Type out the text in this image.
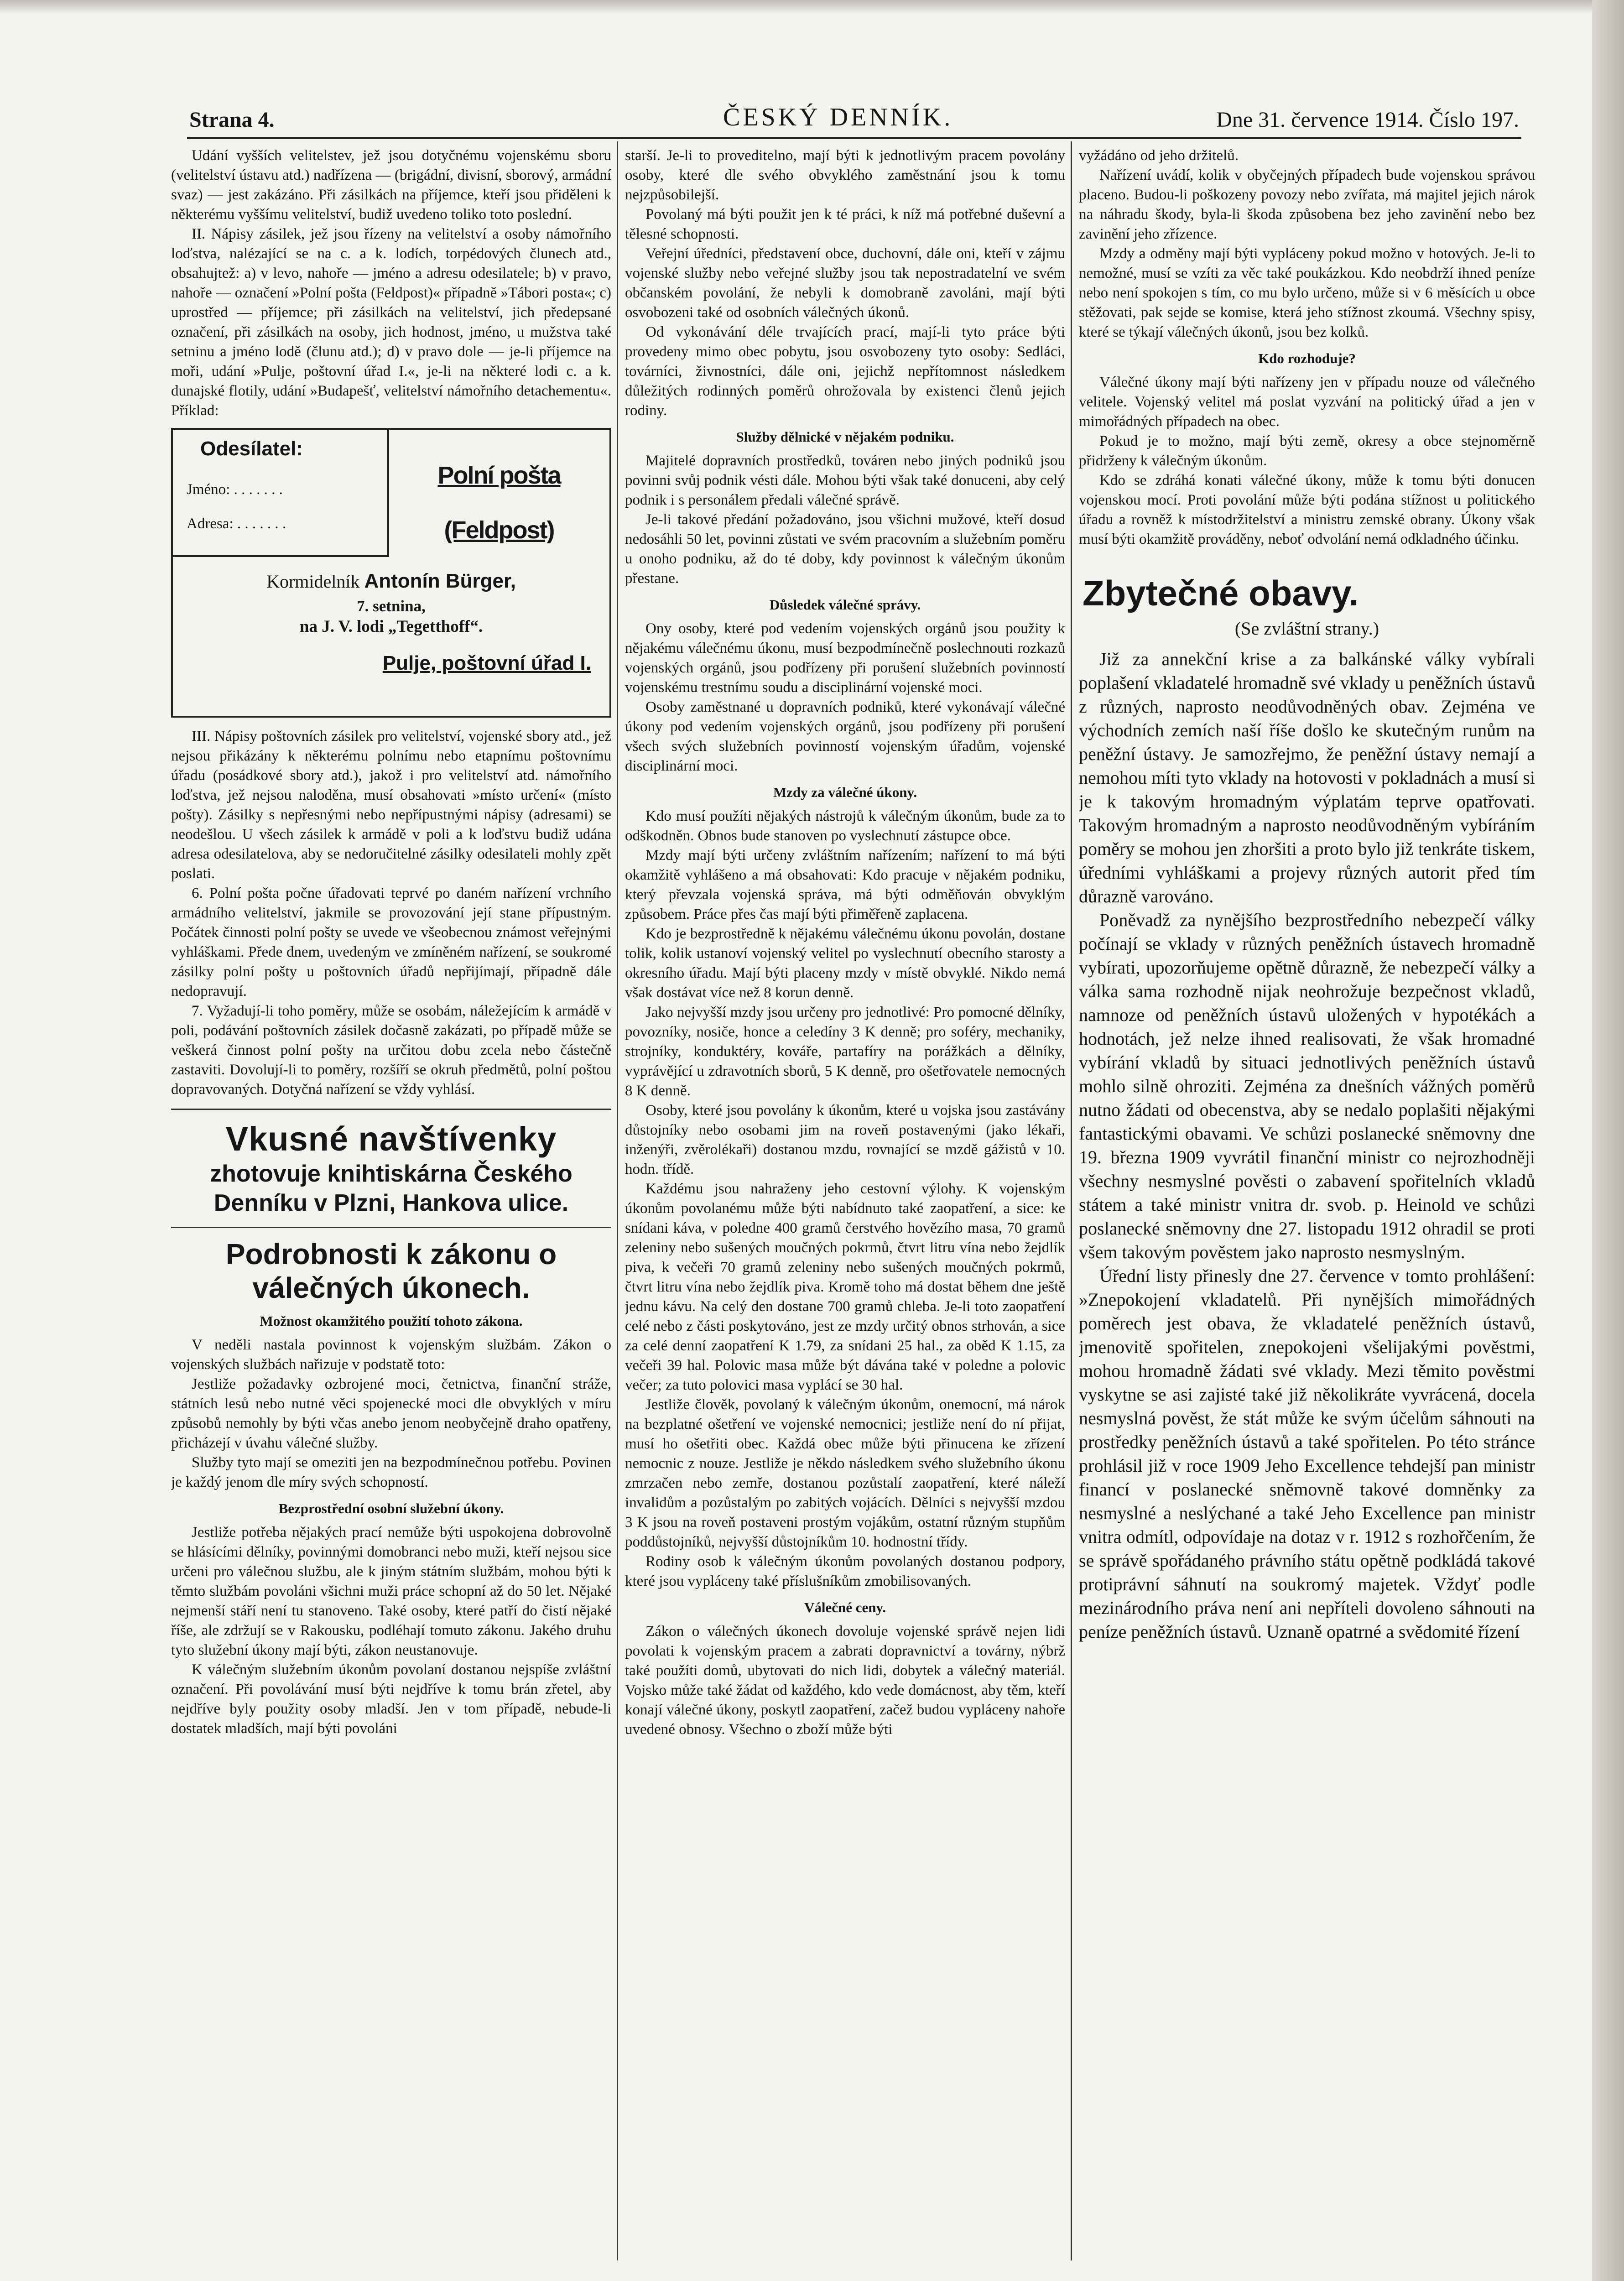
Strana 4.	ČESKÝ DENNÍK.	Dne 31. července 1914. Číslo 197.

Udání vyšších velitelstev, jež jsou dotyčnému vojenskému sboru (velitelství ústavu atd.) nadřízena — (brigádní, divisní, sborový, armádní svaz) — jest zakázáno. Při zásilkách na příjemce, kteří jsou přiděleni k některému vyššímu velitelství, budiž uvedeno toliko toto poslední.

II. Nápisy zásilek, jež jsou řízeny na velitelství a osoby námořního loďstva, nalézající se na c. a k. lodích, torpédových člunech atd., obsahujtež: a) v levo, nahoře — jméno a adresu odesilatele; b) v pravo, nahoře — označení »Polní pošta (Feldpost)« případně »Tábori posta«; c) uprostřed — příjemce; při zásilkách na velitelství, jich předepsané označení, při zásilkách na osoby, jich hodnost, jméno, u mužstva také setninu a jméno lodě (člunu atd.); d) v pravo dole — je-li příjemce na moři, udání »Pulje, poštovní úřad I.«, je-li na některé lodi c. a k. dunajské flotily, udání »Budapešť, velitelství námořního detachementu«. Příklad:

Odesílatel:
Jméno: . . . . . . .
Adresa: . . . . . . .
Polní pošta (Feldpost)
Kormidelník Antonín Bürger,
7. setnina,
na J. V. lodi „Tegetthoff“.
Pulje, poštovní úřad I.

III. Nápisy poštovních zásilek pro velitelství, vojenské sbory atd., jež nejsou přikázány k některému polnímu nebo etapnímu poštovnímu úřadu (posádkové sbory atd.), jakož i pro velitelství atd. námořního loďstva, jež nejsou naloděna, musí obsahovati »místo určení« (místo pošty). Zásilky s nepřesnými nebo nepřípustnými nápisy (adresami) se neodešlou. U všech zásilek k armádě v poli a k loďstvu budiž udána adresa odesilatelova, aby se nedoručitelné zásilky odesilateli mohly zpět poslati.

6. Polní pošta počne úřadovati teprvé po daném nařízení vrchního armádního velitelství, jakmile se provozování její stane přípustným. Počátek činnosti polní pošty se uvede ve všeobecnou známost veřejnými vyhláškami. Přede dnem, uvedeným ve zmíněném nařízení, se soukromé zásilky polní pošty u poštovních úřadů nepřijímají, případně dále nedopravují.

7. Vyžadují-li toho poměry, může se osobám, náležejícím k armádě v poli, podávání poštovních zásilek dočasně zakázati, po případě může se veškerá činnost polní pošty na určitou dobu zcela nebo částečně zastaviti. Dovolují-li to poměry, rozšíří se okruh předmětů, polní poštou dopravovaných. Dotyčná nařízení se vždy vyhlásí.

Vkusné navštívenky
zhotovuje knihtiskárna Českého Denníku v Plzni, Hankova ulice.
Podrobnosti k zákonu o válečných úkonech.
Možnost okamžitého použití tohoto zákona.

V neděli nastala povinnost k vojenským službám. Zákon o vojenských službách nařizuje v podstatě toto:

Jestliže požadavky ozbrojené moci, četnictva, finanční stráže, státních lesů nebo nutné věci spojenecké moci dle obvyklých v míru způsobů nemohly by býti včas anebo jenom neobyčejně draho opatřeny, přicházejí v úvahu válečné služby.

Služby tyto mají se omeziti jen na bezpodmínečnou potřebu. Povinen je každý jenom dle míry svých schopností.

Bezprostřední osobní služební úkony.

Jestliže potřeba nějakých prací nemůže býti uspokojena dobrovolně se hlásícími dělníky, povinnými domobranci nebo muži, kteří nejsou sice určeni pro válečnou službu, ale k jiným státním službám, mohou býti k těmto službám povoláni všichni muži práce schopní až do 50 let. Nějaké nejmenší stáří není tu stanoveno. Také osoby, které patří do čistí nějaké říše, ale zdržují se v Rakousku, podléhají tomuto zákonu. Jakého druhu tyto služební úkony mají býti, zákon neustanovuje.

K válečným služebním úkonům povolaní dostanou nejspíše zvláštní označení. Při povolávání musí býti nejdříve k tomu brán zřetel, aby nejdříve byly použity osoby mladší. Jen v tom případě, nebude-li dostatek mladších, mají býti povoláni

starší. Je-li to proveditelno, mají býti k jednotlivým pracem povolány osoby, které dle svého obvyklého zaměstnání jsou k tomu nejzpůsobilejší.

Povolaný má býti použit jen k té práci, k níž má potřebné duševní a tělesné schopnosti.

Veřejní úředníci, představení obce, duchovní, dále oni, kteří v zájmu vojenské služby nebo veřejné služby jsou tak nepostradatelní ve svém občanském povolání, že nebyli k domobraně zavoláni, mají býti osvobozeni také od osobních válečných úkonů.

Od vykonávání déle trvajících prací, mají-li tyto práce býti provedeny mimo obec pobytu, jsou osvobozeny tyto osoby: Sedláci, továrníci, živnostníci, dále oni, jejichž nepřítomnost následkem důležitých rodinných poměrů ohrožovala by existenci členů jejich rodiny.

Služby dělnické v nějakém podniku.

Majitelé dopravních prostředků, továren nebo jiných podniků jsou povinni svůj podnik vésti dále. Mohou býti však také donuceni, aby celý podnik i s personálem předali válečné správě.

Je-li takové předání požadováno, jsou všichni mužové, kteří dosud nedosáhli 50 let, povinni zůstati ve svém pracovním a služebním poměru u onoho podniku, až do té doby, kdy povinnost k válečným úkonům přestane.

Důsledek válečné správy.

Ony osoby, které pod vedením vojenských orgánů jsou použity k nějakému válečnému úkonu, musí bezpodmínečně poslechnouti rozkazů vojenských orgánů, jsou podřízeny při porušení služebních povinností vojenskému trestnímu soudu a disciplinární vojenské moci.

Osoby zaměstnané u dopravních podniků, které vykonávají válečné úkony pod vedením vojenských orgánů, jsou podřízeny při porušení všech svých služebních povinností vojenským úřadům, vojenské disciplinární moci.

Mzdy za válečné úkony.

Kdo musí použíti nějakých nástrojů k válečným úkonům, bude za to odškodněn. Obnos bude stanoven po vyslechnutí zástupce obce.

Mzdy mají býti určeny zvláštním nařízením; nařízení to má býti okamžitě vyhlášeno a má obsahovati: Kdo pracuje v nějakém podniku, který převzala vojenská správa, má býti odměňován obvyklým způsobem. Práce přes čas mají býti přiměřeně zaplacena.

Kdo je bezprostředně k nějakému válečnému úkonu povolán, dostane tolik, kolik ustanoví vojenský velitel po vyslechnutí obecního starosty a okresního úřadu. Mají býti placeny mzdy v místě obvyklé. Nikdo nemá však dostávat více než 8 korun denně.

Jako nejvyšší mzdy jsou určeny pro jednotlivé: Pro pomocné dělníky, povozníky, nosiče, honce a celedíny 3 K denně; pro soféry, mechaniky, strojníky, konduktéry, kováře, partafíry na porážkách a dělníky, vyprávějící u zdravotních sborů, 5 K denně, pro ošetřovatele nemocných 8 K denně.

Osoby, které jsou povolány k úkonům, které u vojska jsou zastávány důstojníky nebo osobami jim na roveň postavenými (jako lékaři, inženýři, zvěrolékaři) dostanou mzdu, rovnající se mzdě gážistů v 10. hodn. třídě.

Každému jsou nahraženy jeho cestovní výlohy. K vojenským úkonům povolanému může býti nabídnuto také zaopatření, a sice: ke snídani káva, v poledne 400 gramů čerstvého hovězího masa, 70 gramů zeleniny nebo sušených moučných pokrmů, čtvrt litru vína nebo žejdlík piva, k večeři 70 gramů zeleniny nebo sušených moučných pokrmů, čtvrt litru vína nebo žejdlík piva. Kromě toho má dostat během dne ještě jednu kávu. Na celý den dostane 700 gramů chleba. Je-li toto zaopatření celé nebo z části poskytováno, jest ze mzdy určitý obnos strhován, a sice za celé denní zaopatření K 1.79, za snídani 25 hal., za oběd K 1.15, za večeři 39 hal. Polovic masa může být dávána také v poledne a polovic večer; za tuto polovici masa vyplácí se 30 hal.

Jestliže člověk, povolaný k válečným úkonům, onemocní, má nárok na bezplatné ošetření ve vojenské nemocnici; jestliže není do ní přijat, musí ho ošetřiti obec. Každá obec může býti přinucena ke zřízení nemocnic z nouze. Jestliže je někdo následkem svého služebního úkonu zmrzačen nebo zemře, dostanou pozůstalí zaopatření, které náleží invalidům a pozůstalým po zabitých vojácích. Dělníci s nejvyšší mzdou 3 K jsou na roveň postaveni prostým vojákům, ostatní různým stupňům poddůstojníků, nejvyšší důstojníkům 10. hodnostní třídy.

Rodiny osob k válečným úkonům povolaných dostanou podpory, které jsou vypláceny také příslušníkům zmobilisovaných.

Válečné ceny.

Zákon o válečných úkonech dovoluje vojenské správě nejen lidi povolati k vojenským pracem a zabrati dopravnictví a továrny, nýbrž také použíti domů, ubytovati do nich lidi, dobytek a válečný materiál. Vojsko může také žádat od každého, kdo vede domácnost, aby těm, kteří konají válečné úkony, poskytl zaopatření, začež budou vypláceny nahoře uvedené obnosy. Všechno o zboží může býti

vyžádáno od jeho držitelů.

Nařízení uvádí, kolik v obyčejných případech bude vojenskou správou placeno. Budou-li poškozeny povozy nebo zvířata, má majitel jejich nárok na náhradu škody, byla-li škoda způsobena bez jeho zavinění nebo bez zavinění jeho zřízence.

Mzdy a odměny mají býti vypláceny pokud možno v hotových. Je-li to nemožné, musí se vzíti za věc také poukázkou. Kdo neobdrží ihned peníze nebo není spokojen s tím, co mu bylo určeno, může si v 6 měsících u obce stěžovati, pak sejde se komise, která jeho stížnost zkoumá. Všechny spisy, které se týkají válečných úkonů, jsou bez kolků.

Kdo rozhoduje?

Válečné úkony mají býti nařízeny jen v případu nouze od válečného velitele. Vojenský velitel má poslat vyzvání na politický úřad a jen v mimořádných případech na obec.

Pokud je to možno, mají býti země, okresy a obce stejnoměrně přidrženy k válečným úkonům.

Kdo se zdráhá konati válečné úkony, může k tomu býti donucen vojenskou mocí. Proti povolání může býti podána stížnost u politického úřadu a rovněž k místodržitelství a ministru zemské obrany. Úkony však musí býti okamžitě prováděny, neboť odvolání nemá odkladného účinku.

Zbytečné obavy.
(Se zvláštní strany.)

Již za annekční krise a za balkánské války vybírali poplašení vkladatelé hromadně své vklady u peněžních ústavů z různých, naprosto neodůvodněných obav. Zejména ve východních zemích naší říše došlo ke skutečným runům na peněžní ústavy. Je samozřejmo, že peněžní ústavy nemají a nemohou míti tyto vklady na hotovosti v pokladnách a musí si je k takovým hromadným výplatám teprve opatřovati. Takovým hromadným a naprosto neodůvodněným vybíráním poměry se mohou jen zhoršiti a proto bylo již tenkráte tiskem, úředními vyhláškami a projevy různých autorit před tím důrazně varováno.

Poněvadž za nynějšího bezprostředního nebezpečí války počínají se vklady v různých peněžních ústavech hromadně vybírati, upozorňujeme opětně důrazně, že nebezpečí války a válka sama rozhodně nijak neohrožuje bezpečnost vkladů, namnoze od peněžních ústavů uložených v hypotékách a hodnotách, jež nelze ihned realisovati, že však hromadné vybírání vkladů by situaci jednotlivých peněžních ústavů mohlo silně ohroziti. Zejména za dnešních vážných poměrů nutno žádati od obecenstva, aby se nedalo poplašiti nějakými fantastickými obavami. Ve schůzi poslanecké sněmovny dne 19. března 1909 vyvrátil finanční ministr co nejrozhodněji všechny nesmyslné pověsti o zabavení spořitelních vkladů státem a také ministr vnitra dr. svob. p. Heinold ve schůzi poslanecké sněmovny dne 27. listopadu 1912 ohradil se proti všem takovým pověstem jako naprosto nesmyslným.

Úřední listy přinesly dne 27. července v tomto prohlášení: »Znepokojení vkladatelů. Při nynějších mimořádných poměrech jest obava, že vkladatelé peněžních ústavů, jmenovitě spořitelen, znepokojeni všelijakými pověstmi, mohou hromadně žádati své vklady. Mezi těmito pověstmi vyskytne se asi zajisté také již několikráte vyvrácená, docela nesmyslná pověst, že stát může ke svým účelům sáhnouti na prostředky peněžních ústavů a také spořitelen. Po této stránce prohlásil již v roce 1909 Jeho Excellence tehdejší pan ministr financí v poslanecké sněmovně takové domněnky za nesmyslné a neslýchané a také Jeho Excellence pan ministr vnitra odmítl, odpovídaje na dotaz v r. 1912 s rozhořčením, že se správě spořádaného právního státu opětně podkládá takové protiprávní sáhnutí na soukromý majetek. Vždyť podle mezinárodního práva není ani nepříteli dovoleno sáhnouti na peníze peněžních ústavů. Uznaně opatrné a svědomité řízení
